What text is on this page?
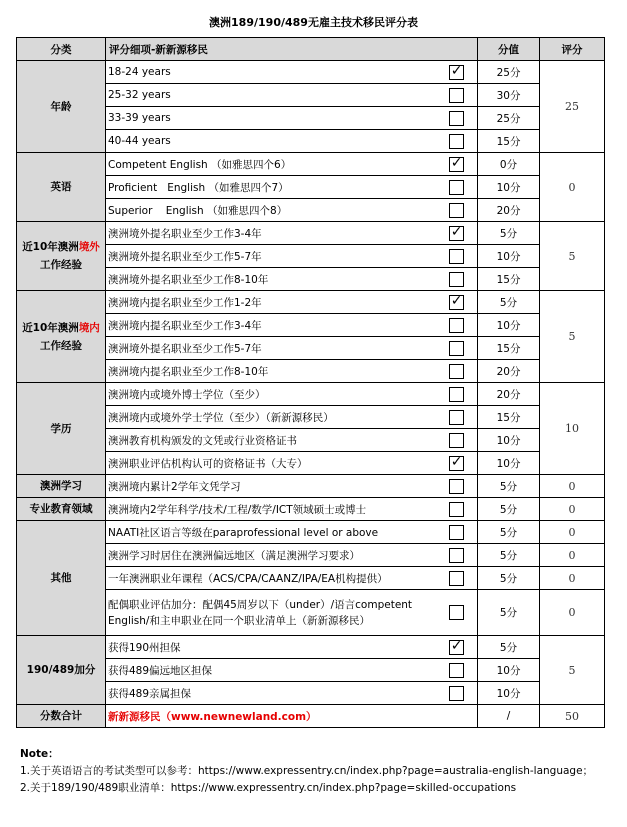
澳洲189/190/489无雇主技术移民评分表
分类	评分细项-新新源移民		分值	评分
年龄	18-24 years	✓	25分	25
	25-32 years		30分	
	33-39 years		25分	
	40-44 years		15分	
英语	Competent English （如雅思四个6）	✓	0分	0
	Proficient   English （如雅思四个7）		10分	
	Superior    English （如雅思四个8）		20分	
近10年澳洲境外
工作经验	澳洲境外提名职业至少工作3-4年	✓	5分	5
	澳洲境外提名职业至少工作5-7年		10分	
	澳洲境外提名职业至少工作8-10年		15分	
近10年澳洲境内
工作经验	澳洲境内提名职业至少工作1-2年	✓	5分	5
	澳洲境内提名职业至少工作3-4年		10分	
	澳洲境外提名职业至少工作5-7年		15分	
	澳洲境内提名职业至少工作8-10年		20分	
学历	澳洲境内或境外博士学位（至少）		20分	10
	澳洲境内或境外学士学位（至少）（新新源移民）		15分	
	澳洲教育机构颁发的文凭或行业资格证书		10分	
	澳洲职业评估机构认可的资格证书（大专）	✓	10分	
澳洲学习	澳洲境内累计2学年文凭学习		5分	0
专业教育领域	澳洲境内2学年科学/技术/工程/数学/ICT领域硕士或博士		5分	0
其他	NAATI社区语言等级在paraprofessional level or above		5分	0
	澳洲学习时居住在澳洲偏远地区（满足澳洲学习要求）		5分	0
	一年澳洲职业年课程（ACS/CPA/CAANZ/IPA/EA机构提供）		5分	0
	配偶职业评估加分：配偶45周岁以下（under）/语言competent English/和主申职业在同一个职业清单上（新新源移民）		5分	0
190/489加分	获得190州担保	✓	5分	5
	获得489偏远地区担保		10分	
	获得489亲属担保		10分	
分数合计	新新源移民（www.newnewland.com）		/	50
Note：
1.关于英语语言的考试类型可以参考：https://www.expressentry.cn/index.php?page=australia-english-language；
2.关于189/190/489职业清单：https://www.expressentry.cn/index.php?page=skilled-occupations
